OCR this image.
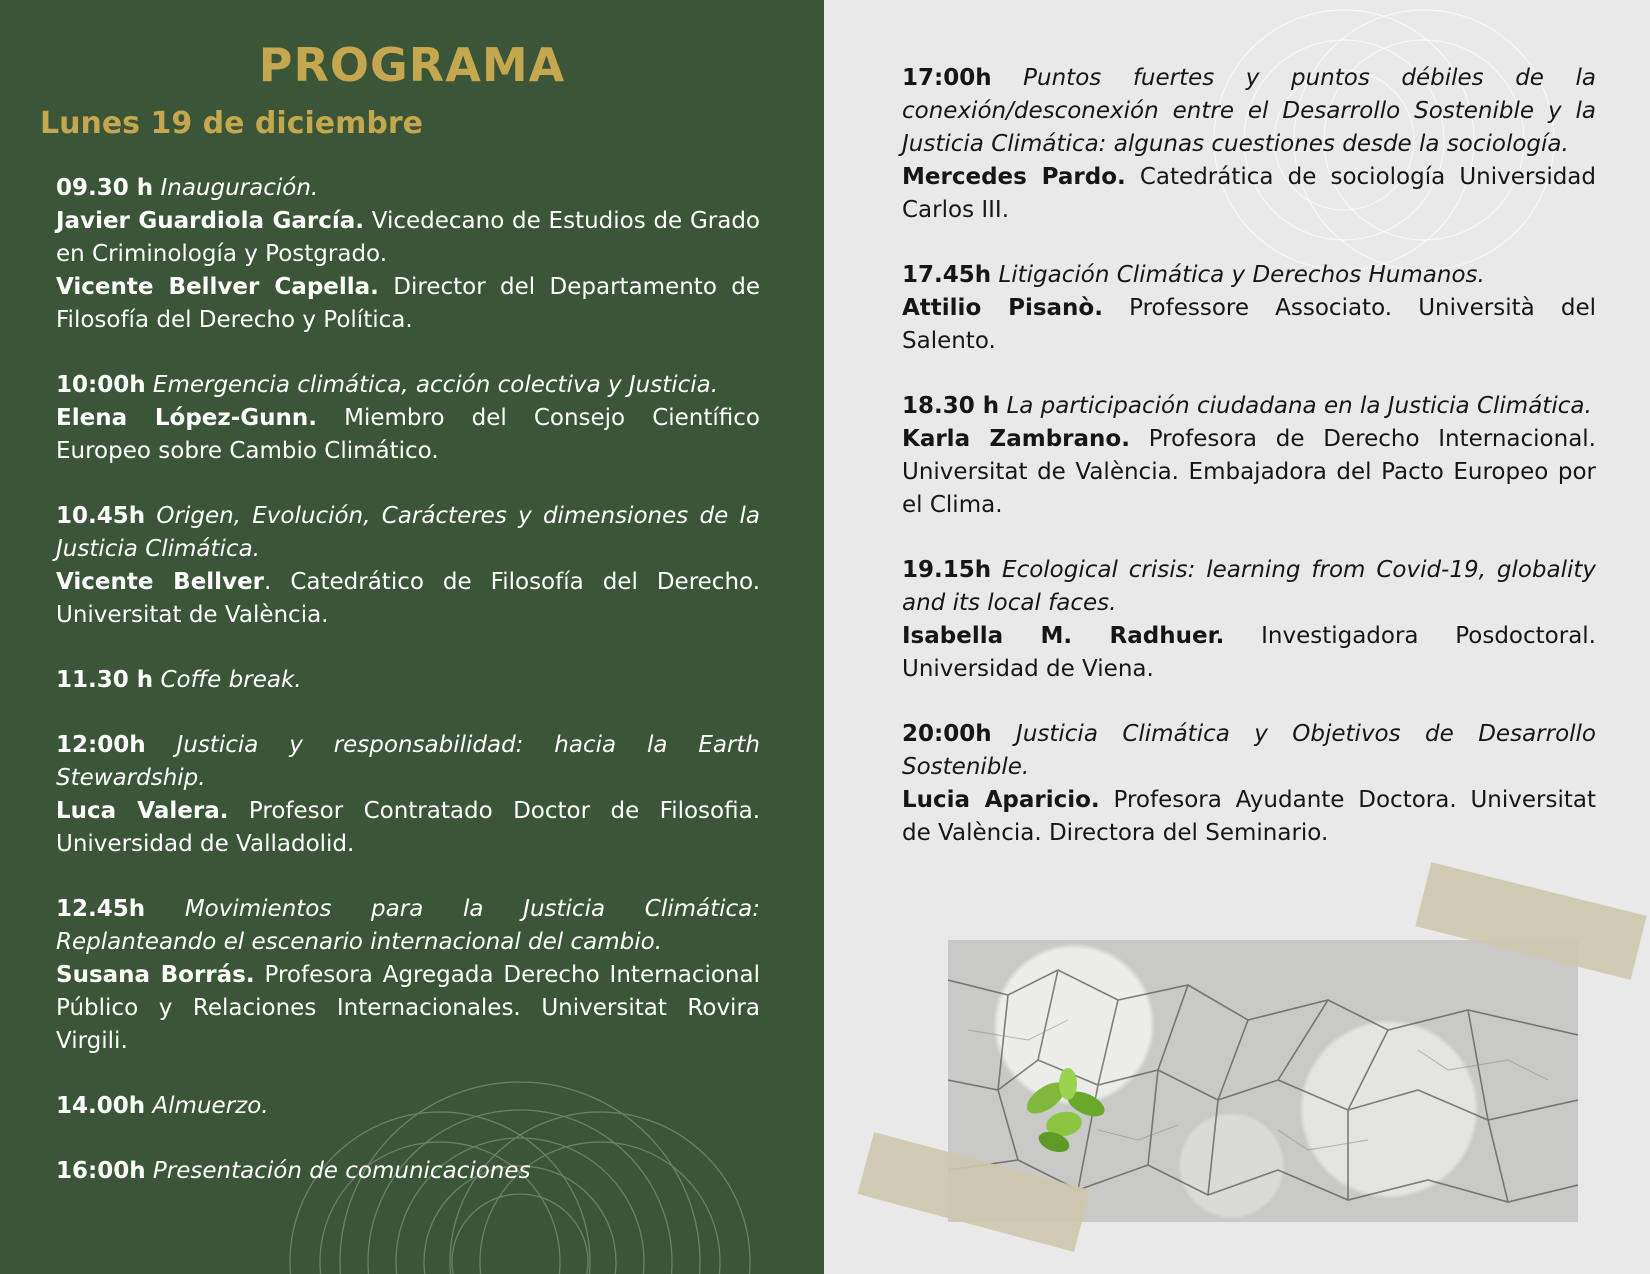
PROGRAMA
Lunes 19 de diciembre
09.30 h Inauguración.
Javier Guardiola García. Vicedecano de Estudios de Grado en Criminología y Postgrado.
Vicente Bellver Capella. Director del Departamento de Filosofía del Derecho y Política.
10:00h Emergencia climática, acción colectiva y Justicia.
Elena López-Gunn. Miembro del Consejo Científico Europeo sobre Cambio Climático.
10.45h Origen, Evolución, Carácteres y dimensiones de la Justicia Climática.
Vicente Bellver. Catedrático de Filosofía del Derecho. Universitat de València.
11.30 h Coffe break.
12:00h Justicia y responsabilidad: hacia la Earth Stewardship.
Luca Valera. Profesor Contratado Doctor de Filosofia. Universidad de Valladolid.
12.45h Movimientos para la Justicia Climática: Replanteando el escenario internacional del cambio.
Susana Borrás. Profesora Agregada Derecho Internacional Público y Relaciones Internacionales. Universitat Rovira Virgili.
14.00h Almuerzo.
16:00h Presentación de comunicaciones
17:00h Puntos fuertes y puntos débiles de la conexión/desconexión entre el Desarrollo Sostenible y la Justicia Climática: algunas cuestiones desde la sociología.
Mercedes Pardo. Catedrática de sociología Universidad Carlos III.
17.45h Litigación Climática y Derechos Humanos.
Attilio Pisanò. Professore Associato. Università del Salento.
18.30 h La participación ciudadana en la Justicia Climática.
Karla Zambrano. Profesora de Derecho Internacional. Universitat de València. Embajadora del Pacto Europeo por el Clima.
19.15h Ecological crisis: learning from Covid-19, globality and its local faces.
Isabella M. Radhuer. Investigadora Posdoctoral. Universidad de Viena.
20:00h Justicia Climática y Objetivos de Desarrollo Sostenible.
Lucia Aparicio. Profesora Ayudante Doctora. Universitat de València. Directora del Seminario.
